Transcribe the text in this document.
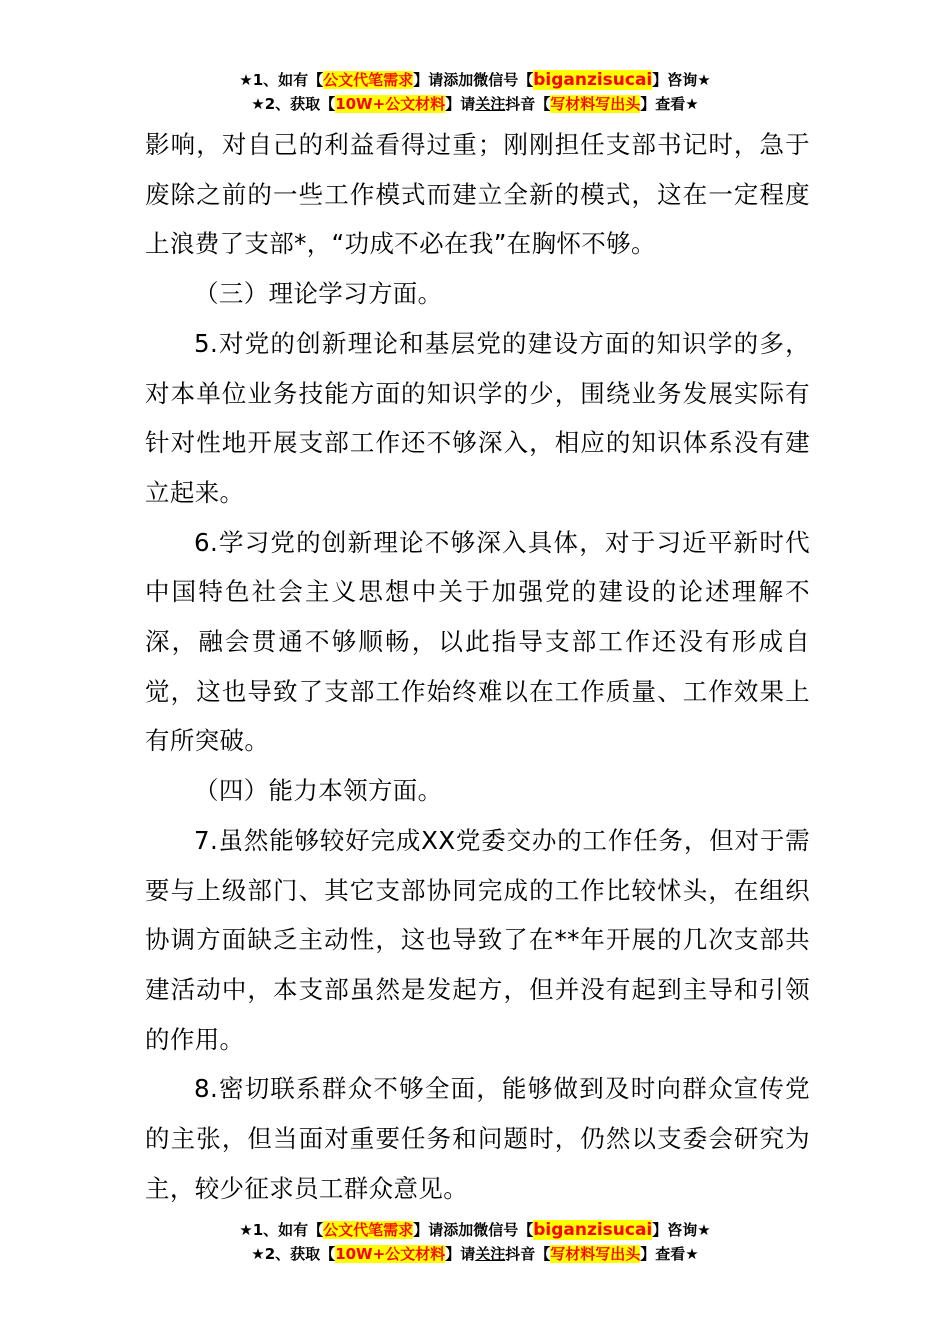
★1、如有【公文代笔需求】请添加微信号【biganzisucai】咨询★
★2、获取【10W+公文材料】请关注抖音【写材料写出头】查看★

影响，对自己的利益看得过重；刚刚担任支部书记时，急于废除之前的一些工作模式而建立全新的模式，这在一定程度上浪费了支部*，“功成不必在我”在胸怀不够。

（三）理论学习方面。

5.对党的创新理论和基层党的建设方面的知识学的多，对本单位业务技能方面的知识学的少，围绕业务发展实际有针对性地开展支部工作还不够深入，相应的知识体系没有建立起来。

6.学习党的创新理论不够深入具体，对于习近平新时代中国特色社会主义思想中关于加强党的建设的论述理解不深，融会贯通不够顺畅，以此指导支部工作还没有形成自觉，这也导致了支部工作始终难以在工作质量、工作效果上有所突破。

（四）能力本领方面。

7.虽然能够较好完成XX党委交办的工作任务，但对于需要与上级部门、其它支部协同完成的工作比较怵头，在组织协调方面缺乏主动性，这也导致了在**年开展的几次支部共建活动中，本支部虽然是发起方，但并没有起到主导和引领的作用。

8.密切联系群众不够全面，能够做到及时向群众宣传党的主张，但当面对重要任务和问题时，仍然以支委会研究为主，较少征求员工群众意见。

★1、如有【公文代笔需求】请添加微信号【biganzisucai】咨询★
★2、获取【10W+公文材料】请关注抖音【写材料写出头】查看★
